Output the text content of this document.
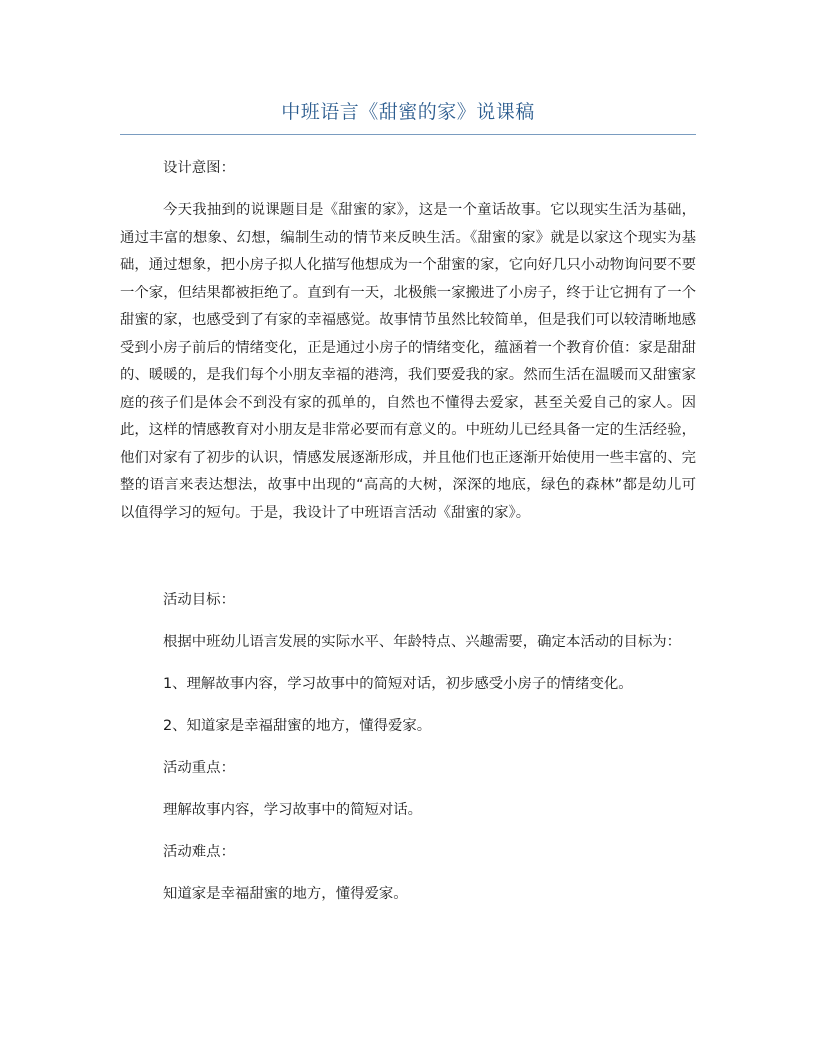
中班语言《甜蜜的家》说课稿

设计意图：

今天我抽到的说课题目是《甜蜜的家》，这是一个童话故事。它以现实生活为基础，通过丰富的想象、幻想，编制生动的情节来反映生活。《甜蜜的家》就是以家这个现实为基础，通过想象，把小房子拟人化描写他想成为一个甜蜜的家，它向好几只小动物询问要不要一个家，但结果都被拒绝了。直到有一天，北极熊一家搬进了小房子，终于让它拥有了一个甜蜜的家，也感受到了有家的幸福感觉。故事情节虽然比较简单，但是我们可以较清晰地感受到小房子前后的情绪变化，正是通过小房子的情绪变化，蕴涵着一个教育价值：家是甜甜的、暖暖的，是我们每个小朋友幸福的港湾，我们要爱我的家。然而生活在温暖而又甜蜜家庭的孩子们是体会不到没有家的孤单的，自然也不懂得去爱家，甚至关爱自己的家人。因此，这样的情感教育对小朋友是非常必要而有意义的。中班幼儿已经具备一定的生活经验，他们对家有了初步的认识，情感发展逐渐形成，并且他们也正逐渐开始使用一些丰富的、完整的语言来表达想法，故事中出现的“高高的大树，深深的地底，绿色的森林”都是幼儿可以值得学习的短句。于是，我设计了中班语言活动《甜蜜的家》。

活动目标：

根据中班幼儿语言发展的实际水平、年龄特点、兴趣需要，确定本活动的目标为：

1、理解故事内容，学习故事中的简短对话，初步感受小房子的情绪变化。

2、知道家是幸福甜蜜的地方，懂得爱家。

活动重点：

理解故事内容，学习故事中的简短对话。

活动难点：

知道家是幸福甜蜜的地方，懂得爱家。
